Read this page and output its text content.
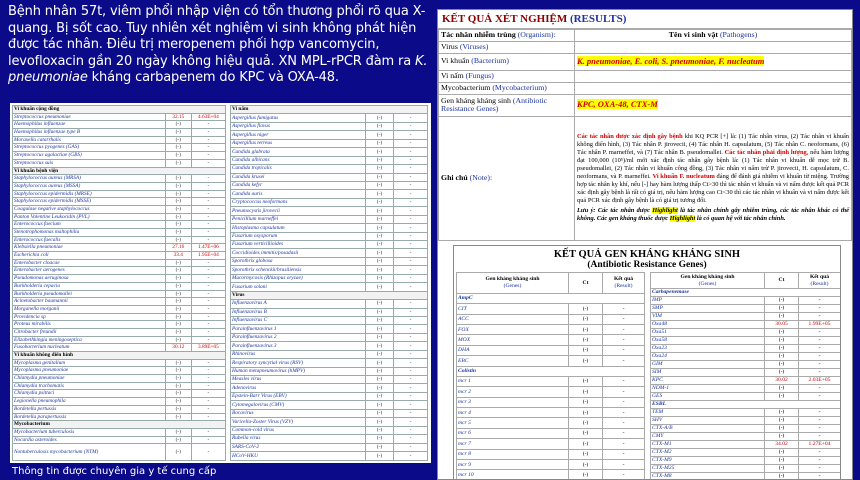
Bệnh nhân 57t, viêm phổi nhập viện có tổn thương phổi rõ qua X-quang. Bị sốt cao. Tuy nhiên xét nghiệm vi sinh không phát hiện được tác nhân. Điều trị meropenem phối hợp vancomycin, levofloxacin gần 20 ngày không hiệu quả. XN MPL-rPCR đàm ra K. pneumoniae kháng carbapenem do KPC và OXA-48.
Vi khuẩn cộng đồng		
Streptococcus pneumoniae	32.15	4.63E+04
Haemophilus influenzae	(-)	-
Haemophilus influenzae type B	(-)	-
Moraxella catarrhalis	(-)	-
Streptococcus pyogenes (GAS)	(-)	-
Streptococcus agalactiae (GBS)	(-)	-
Streptococcus suis	(-)	-
Vi khuẩn bệnh viện		
Staphylococcus aureus (MRSA)	(-)	-
Staphylococcus aureus (MSSA)	(-)	-
Staphylococcus epidermidis (MRSE)	(-)	-
Staphylococcus epidermidis (MSSE)	(-)	-
Coagulase negative staphylococcus	(-)	-
Panton Valentine Leukocidin (PVL)	(-)	-
Enterococcus faecium	(-)	-
Stenotrophomonas maltophilia	(-)	-
Enterococcus faecalis	(-)	-
Klebsiella pneumoniae	27.16	1.47E+06
Escherichia coli	33.4	1.95E+04
Enterobacter cloacae	(-)	-
Enterobacter aerogenes	(-)	-
Pseudomonas aeruginosa	(-)	-
Burkholderia cepacia	(-)	-
Burkholderia pseudomallei	(-)	-
Acinetobacter baumannii	(-)	-
Morganella morganii	(-)	-
Providencia sp	(-)	-
Proteus mirabilis	(-)	-
Citrobacter freundii	(-)	-
Elizabethkingia meningoseptica	(-)	-
Fusobacterium nucleatum	30.12	3.89E+05
Vi khuẩn không điển hình		
Mycoplasma genitalium	(-)	-
Mycoplasma pneumoniae	(-)	-
Chlamydia pneumoniae	(-)	-
Chlamydia trachomatis	(-)	-
Chlamydia psittaci	(-)	-
Legionella pneumophila	(-)	-
Bordetella pertussis	(-)	-
Bordetella parapertussis	(-)	-
Mycobacterium		
Mycobacterium tuberculosis	(-)	-
Nocardia asteroides	(-)	-
Nontuberculosis mycobacterium (NTM)	(-)	-
Vi nấm		
Aspergillus fumigatus	(-)	-
Aspergillus flavus	(-)	-
Aspergillus niger	(-)	-
Aspergillus terreus	(-)	-
Candida glabrata	(-)	-
Candida albicans	(-)	-
Candida tropicalis	(-)	-
Candida krusei	(-)	-
Candida kefyr	(-)	-
Candida auris	(-)	-
Cryptococcus neoformans	(-)	-
Pneumocystis jirovecii	(-)	-
Penicillium marneffei	(-)	-
Histoplasma capsulatum	(-)	-
Fusarium oxysporum	(-)	-
Fusarium verticillioides	(-)	-
Coccidioides immitis/posadasii	(-)	-
Sporothrix globosa	(-)	-
Sporothrix schenckii/brasiliensis	(-)	-
Mucormycosis (Rhizopus oryzae)	(-)	-
Fusarium solani	(-)	-
Virus		
Influenzavirus A	(-)	-
Influenzavirus B	(-)	-
Influenzavirus C	(-)	-
Parainfluenzavirus 1	(-)	-
Parainfluenzavirus 2	(-)	-
Parainfluenzavirus 3	(-)	-
Rhinovirus	(-)	-
Respiratory syncytial virus (RSV)	(-)	-
Human metapneumovirus (hMPV)	(-)	-
Measles virus	(-)	-
Adenovirus	(-)	-
Epstein-Barr Virus (EBV)	(-)	-
Cytomegalovirus (CMV)	(-)	-
Bocavirus	(-)	-
Varicella-Zoster Virus (VZV)	(-)	-
Common-cold virus	(-)	-
Rubella virus	(-)	-
SARS-CoV-2	(-)	-
HCoV-HKU	(-)	-
Thông tin được chuyên gia y tế cung cấp
KẾT QUẢ XÉT NGHIỆM (RESULTS)
Tác nhân nhiễm trùng (Organism):	Tên vi sinh vật (Pathogens)
Virus (Viruses)	
Vi khuẩn (Bacterium)	K. pneumoniae, E. coli, S. pneumoniae, F. nucleatum
Vi nấm (Fungus)	
Mycobacterium (Mycobacterium)	
Gen kháng kháng sinh (Antibiotic Resistance Genes)	KPC, OXA-48, CTX-M
Ghi chú (Note):	Các tác nhân được xác định gây bệnh khi KQ PCR [+] là: (1) Tác nhân virus, (2) Tác nhân vi khuẩn không điển hình, (3) Tác nhân P. jirovecii, (4) Tác nhân H. capsulatum, (5) Tác nhân C. neoformans, (6) Tác nhân P. marneffei, và (7) Tác nhân B. pseudomallei. Các tác nhân phải định lượng, nếu hàm lượng đạt 100,000 (10⁵)/ml mới xác định tác nhân gây bệnh là: (1) Tác nhân vi khuẩn dễ mọc trừ B. pseudomallei, (2) Tác nhân vi khuẩn công đồng, (3) Tác nhân vi nấm trừ P. jirovecii, H. capsulatum, C. neoformans, và P. marneffei. Vi khuẩn F. nucleatum đáng để đánh giá nhiễm vi khuẩn từ miệng. Trường hợp tác nhân kỵ khí, nếu [-] hay hàm lượng thấp Ct>30 thì tác nhân vi khuẩn và vi nấm được kết quả PCR xác định gây bệnh là rất có giá trị, nếu hàm lượng cao Ct<30 thì các tác nhân vi khuẩn và vi nấm được kết quả PCR xác định gây bệnh là có giá trị tương đối.
Lưu ý: Các tác nhân được Highlight là tác nhân chính gây nhiễm trùng, các tác nhân khác có thể không. Các gen kháng thuốc được Highlight là có quan hệ với tác nhân chính.
KẾT QUẢ GEN KHÁNG KHÁNG SINH
(Antibiotic Resistance Genes)
Gen kháng kháng sinh
(Genes)	Ct	Kết quả
(Result)
AmpC		
CIT	(-)	-
ACC	(-)	-
FOX	(-)	-
MOX	(-)	-
DHA	(-)	-
EBC	(-)	-
Colistin		
mcr 1	(-)	-
mcr 2	(-)	-
mcr 3	(-)	-
mcr 4	(-)	-
mcr 5	(-)	-
mcr 6	(-)	-
mcr 7	(-)	-
mcr 8	(-)	-
mcr 9	(-)	-
mcr 10	(-)	-
Gen kháng kháng sinh
(Genes)	Ct	Kết quả
(Result)
Carbapenemase		
IMP	(-)	-
SMP	(-)	-
VIM	(-)	-
Oxa48	30.05	1.99E+05
Oxa51	(-)	-
Oxa58	(-)	-
Oxa23	(-)	-
Oxa24	(-)	-
GIM	(-)	-
SIM	(-)	-
KPC	30.02	2.03E+05
NDM-1	(-)	-
GES	(-)	-
ESBL		
TEM	(-)	-
SHV	(-)	-
CTX-A/B	(-)	-
CMY	(-)	-
CTX-M1	34.02	1.27E+04
CTX-M2	(-)	-
CTX-M9	(-)	-
CTX-M25	(-)	-
CTX-M8	(-)	-
